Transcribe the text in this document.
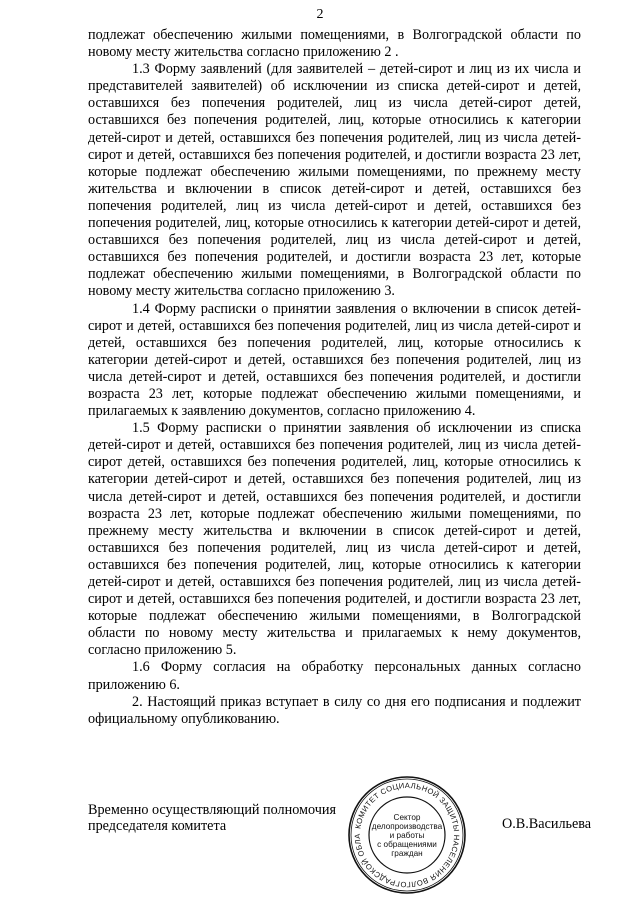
2

подлежат обеспечению жилыми помещениями, в Волгоградской области по новому месту жительства согласно приложению 2 .

1.3 Форму заявлений (для заявителей – детей-сирот и лиц из их числа и представителей заявителей) об исключении из списка детей-сирот и детей, оставшихся без попечения родителей, лиц из числа детей-сирот детей, оставшихся без попечения родителей, лиц, которые относились к категории детей-сирот и детей, оставшихся без попечения родителей, лиц из числа детей-сирот и детей, оставшихся без попечения родителей, и достигли возраста 23 лет, которые подлежат обеспечению жилыми помещениями, по прежнему месту жительства и включении в список детей-сирот и детей, оставшихся без попечения родителей, лиц из числа детей-сирот и детей, оставшихся без попечения родителей, лиц, которые относились к категории детей-сирот и детей, оставшихся без попечения родителей, лиц из числа детей-сирот и детей, оставшихся без попечения родителей, и достигли возраста 23 лет, которые подлежат обеспечению жилыми помещениями, в Волгоградской области по новому месту жительства согласно приложению 3.

1.4 Форму расписки о принятии заявления о включении в список детей-сирот и детей, оставшихся без попечения родителей, лиц из числа детей-сирот и детей, оставшихся без попечения родителей, лиц, которые относились к категории детей-сирот и детей, оставшихся без попечения родителей, лиц из числа детей-сирот и детей, оставшихся без попечения родителей, и достигли возраста 23 лет, которые подлежат обеспечению жилыми помещениями, и прилагаемых к заявлению документов, согласно приложению 4.

1.5 Форму расписки о принятии заявления об исключении из списка детей-сирот и детей, оставшихся без попечения родителей, лиц из числа детей-сирот детей, оставшихся без попечения родителей, лиц, которые относились к категории детей-сирот и детей, оставшихся без попечения родителей, лиц из числа детей-сирот и детей, оставшихся без попечения родителей, и достигли возраста 23 лет, которые подлежат обеспечению жилыми помещениями, по прежнему месту жительства и включении в список детей-сирот и детей, оставшихся без попечения родителей, лиц из числа детей-сирот и детей, оставшихся без попечения родителей, лиц, которые относились к категории детей-сирот и детей, оставшихся без попечения родителей, лиц из числа детей-сирот и детей, оставшихся без попечения родителей, и достигли возраста 23 лет, которые подлежат обеспечению жилыми помещениями, в Волгоградской области по новому месту жительства и прилагаемых к нему документов, согласно приложению 5.

1.6 Форму согласия на обработку персональных данных согласно приложению 6.

2. Настоящий приказ вступает в силу со дня его подписания и подлежит официальному опубликованию.

Временно осуществляющий полномочия
председателя комитета	КОМИТЕТ СОЦИАЛЬНОЙ ЗАЩИТЫ НАСЕЛЕНИЯ ВОЛГОГРАДСКОЙ ОБЛА
Сектор
делопроизводства
и работы
с обращениями
граждан
О.В.Васильева
